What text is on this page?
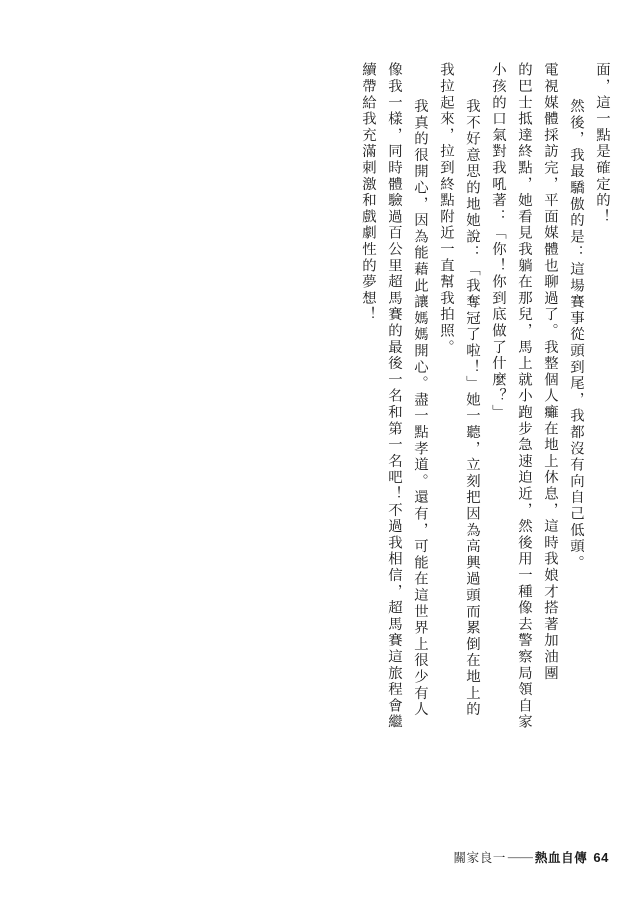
面，這一點是確定的！
　然後，我最驕傲的是：這場賽事從頭到尾，我都沒有向自己低頭。
電視媒體採訪完，平面媒體也聊過了。我整個人癱在地上休息，這時我娘才搭著加油團
的巴士抵達終點，她看見我躺在那兒，馬上就小跑步急速迫近，然後用一種像去警察局領自家
小孩的口氣對我吼著：「你！你到底做了什麼？」
　我不好意思的地她說：「我奪冠了啦！」她一聽，立刻把因為高興過頭而累倒在地上的
我拉起來，拉到終點附近一直幫我拍照。
　我真的很開心，因為能藉此讓媽媽開心。盡一點孝道。還有，可能在這世界上很少有人
像我一樣，同時體驗過百公里超馬賽的最後一名和第一名吧！不過我相信，超馬賽這旅程會繼
續帶給我充滿刺激和戲劇性的夢想！
關家良一 —— 熱血自傳 64
